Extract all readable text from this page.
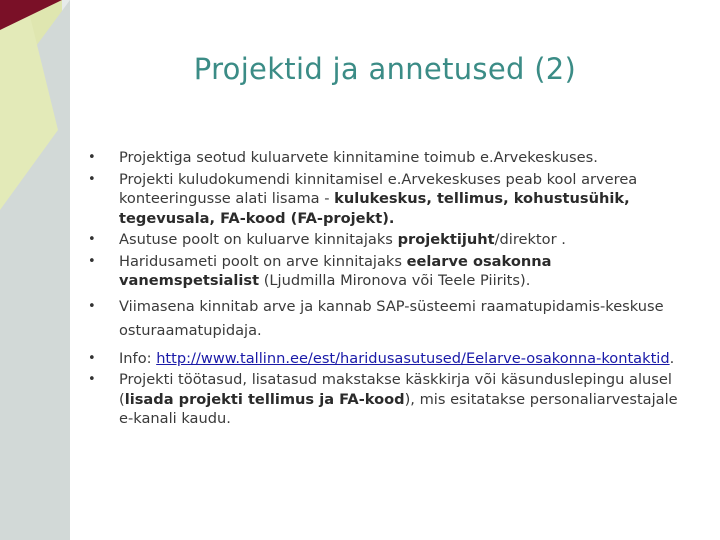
Projektid ja annetused (2)
• Projektiga seotud kuluarvete kinnitamine toimub e.Arvekeskuses.
• Projekti kuludokumendi kinnitamisel e.Arvekeskuses peab kool arverea konteeringusse alati lisama - kulukeskus, tellimus, kohustusühik, tegevusala, FA-kood (FA-projekt).
• Asutuse poolt on kuluarve kinnitajaks projektijuht/direktor .
• Haridusameti poolt on arve kinnitajaks eelarve osakonna vanemspetsialist (Ljudmilla Mironova või Teele Piirits).
• Viimasena kinnitab arve ja kannab SAP-süsteemi raamatupidamis-keskuse osturaamatupidaja.
• Info: http://www.tallinn.ee/est/haridusasutused/Eelarve-osakonna-kontaktid.
• Projekti töötasud, lisatasud makstakse käskkirja või käsunduslepingu alusel (lisada projekti tellimus ja FA-kood), mis esitatakse personaliarvestajale e-kanali kaudu.
